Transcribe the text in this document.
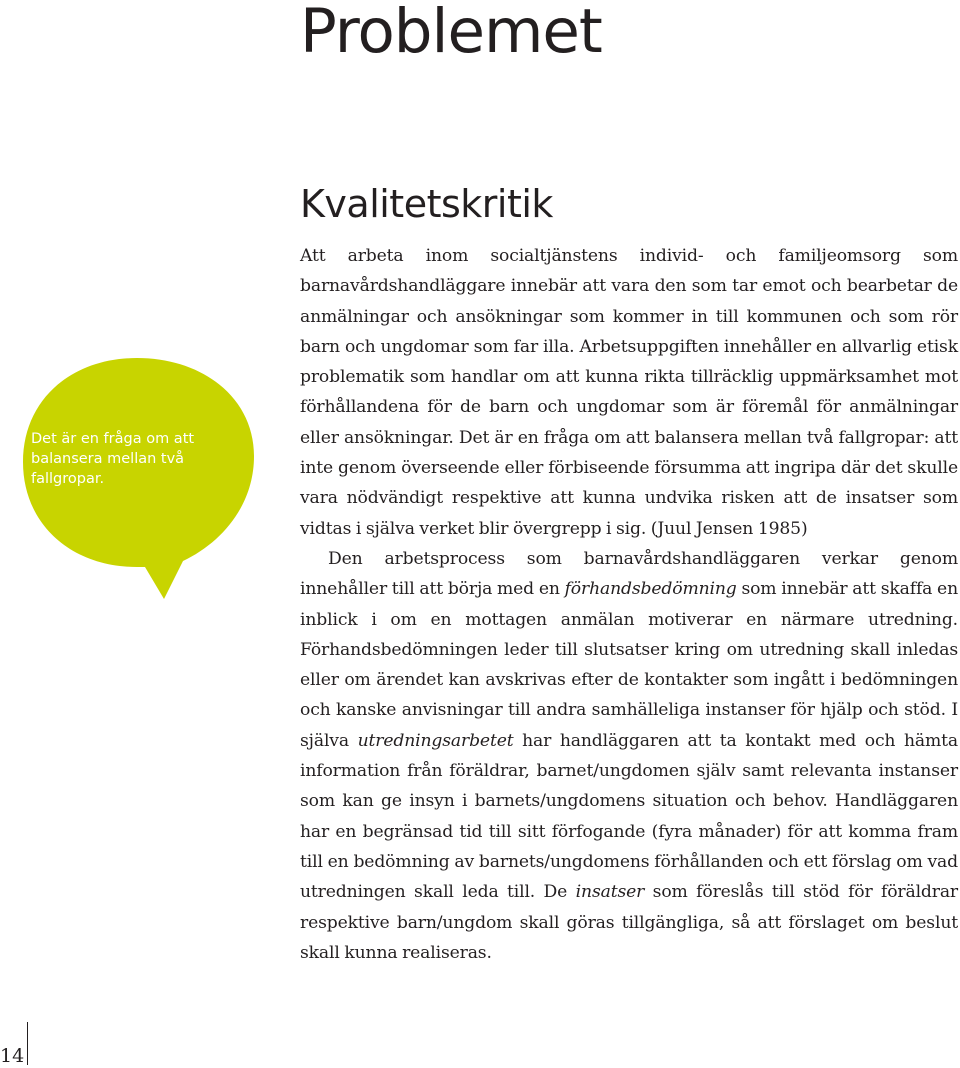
Problemet

Det är en fråga om att balansera mellan två fallgropar.

Kvalitetskritik

Att arbeta inom socialtjänstens individ- och familjeomsorg som barnavårdshandläggare innebär att vara den som tar emot och bearbetar de anmälningar och ansökningar som kommer in till kommunen och som rör barn och ungdomar som far illa. Arbetsuppgiften innehåller en allvarlig etisk problematik som handlar om att kunna rikta tillräcklig uppmärksamhet mot förhållandena för de barn och ungdomar som är föremål för anmälningar eller ansökningar. Det är en fråga om att balansera mellan två fallgropar: att inte genom överseende eller förbiseende försumma att ingripa där det skulle vara nödvändigt respektive att kunna undvika risken att de insatser som vidtas i själva verket blir övergrepp i sig. (Juul Jensen 1985)

Den arbetsprocess som barnavårdshandläggaren verkar genom innehåller till att börja med en förhandsbedömning som innebär att skaffa en inblick i om en mottagen anmälan motiverar en närmare utredning. Förhandsbedömningen leder till slutsatser kring om utredning skall inledas eller om ärendet kan avskrivas efter de kontakter som ingått i bedömningen och kanske anvisningar till andra samhälleliga instanser för hjälp och stöd. I själva utredningsarbetet har handläggaren att ta kontakt med och hämta information från föräldrar, barnet/ungdomen själv samt relevanta instanser som kan ge insyn i barnets/ungdomens situation och behov. Handläggaren har en begränsad tid till sitt förfogande (fyra månader) för att komma fram till en bedömning av barnets/ungdomens förhållanden och ett förslag om vad utredningen skall leda till. De insatser som föreslås till stöd för föräldrar respektive barn/ungdom skall göras tillgängliga, så att förslaget om beslut skall kunna realiseras.

14
